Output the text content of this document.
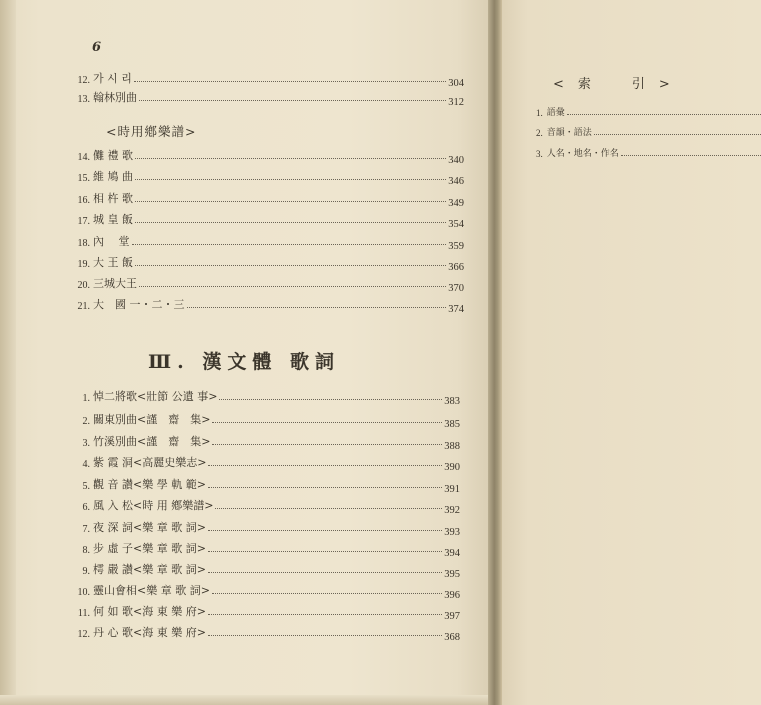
6
12. 가 시 리	304
13. 翰林別曲	312
<時用鄕樂譜>
14. 儺 禮 歌	340
15. 維 鳩 曲	346
16. 相 杵 歌	349
17. 城 皇 飯	354
18. 內　 堂	359
19. 大 王 飯	366
20. 三城大王	370
21. 大　國 一・二・三	374
Ⅲ. 漢文體 歌詞
1. 悼二將歌<壯節 公遺 事>	383
2. 關東別曲<謹　齋　集>	385
3. 竹溪別曲<謹　齋　集>	388
4. 紫 霞 洞<高麗史樂志>	390
5. 觀 音 讃<樂 學 軌 範>	391
6. 風 入 松<時 用 鄕樂譜>	392
7. 夜 深 詞<樂 章 歌 詞>	393
8. 步 虛 子<樂 章 歌 詞>	394
9. 樗 嚴 讃<樂 章 歌 詞>	395
10. 靈山會相<樂 章 歌 詞>	396
11. 何 如 歌<海 東 樂 府>	397
12. 丹 心 歌<海 東 樂 府>	368
<索　引>
1. 語彙
2. 音韻・語法
3. 人名・地名・作名
